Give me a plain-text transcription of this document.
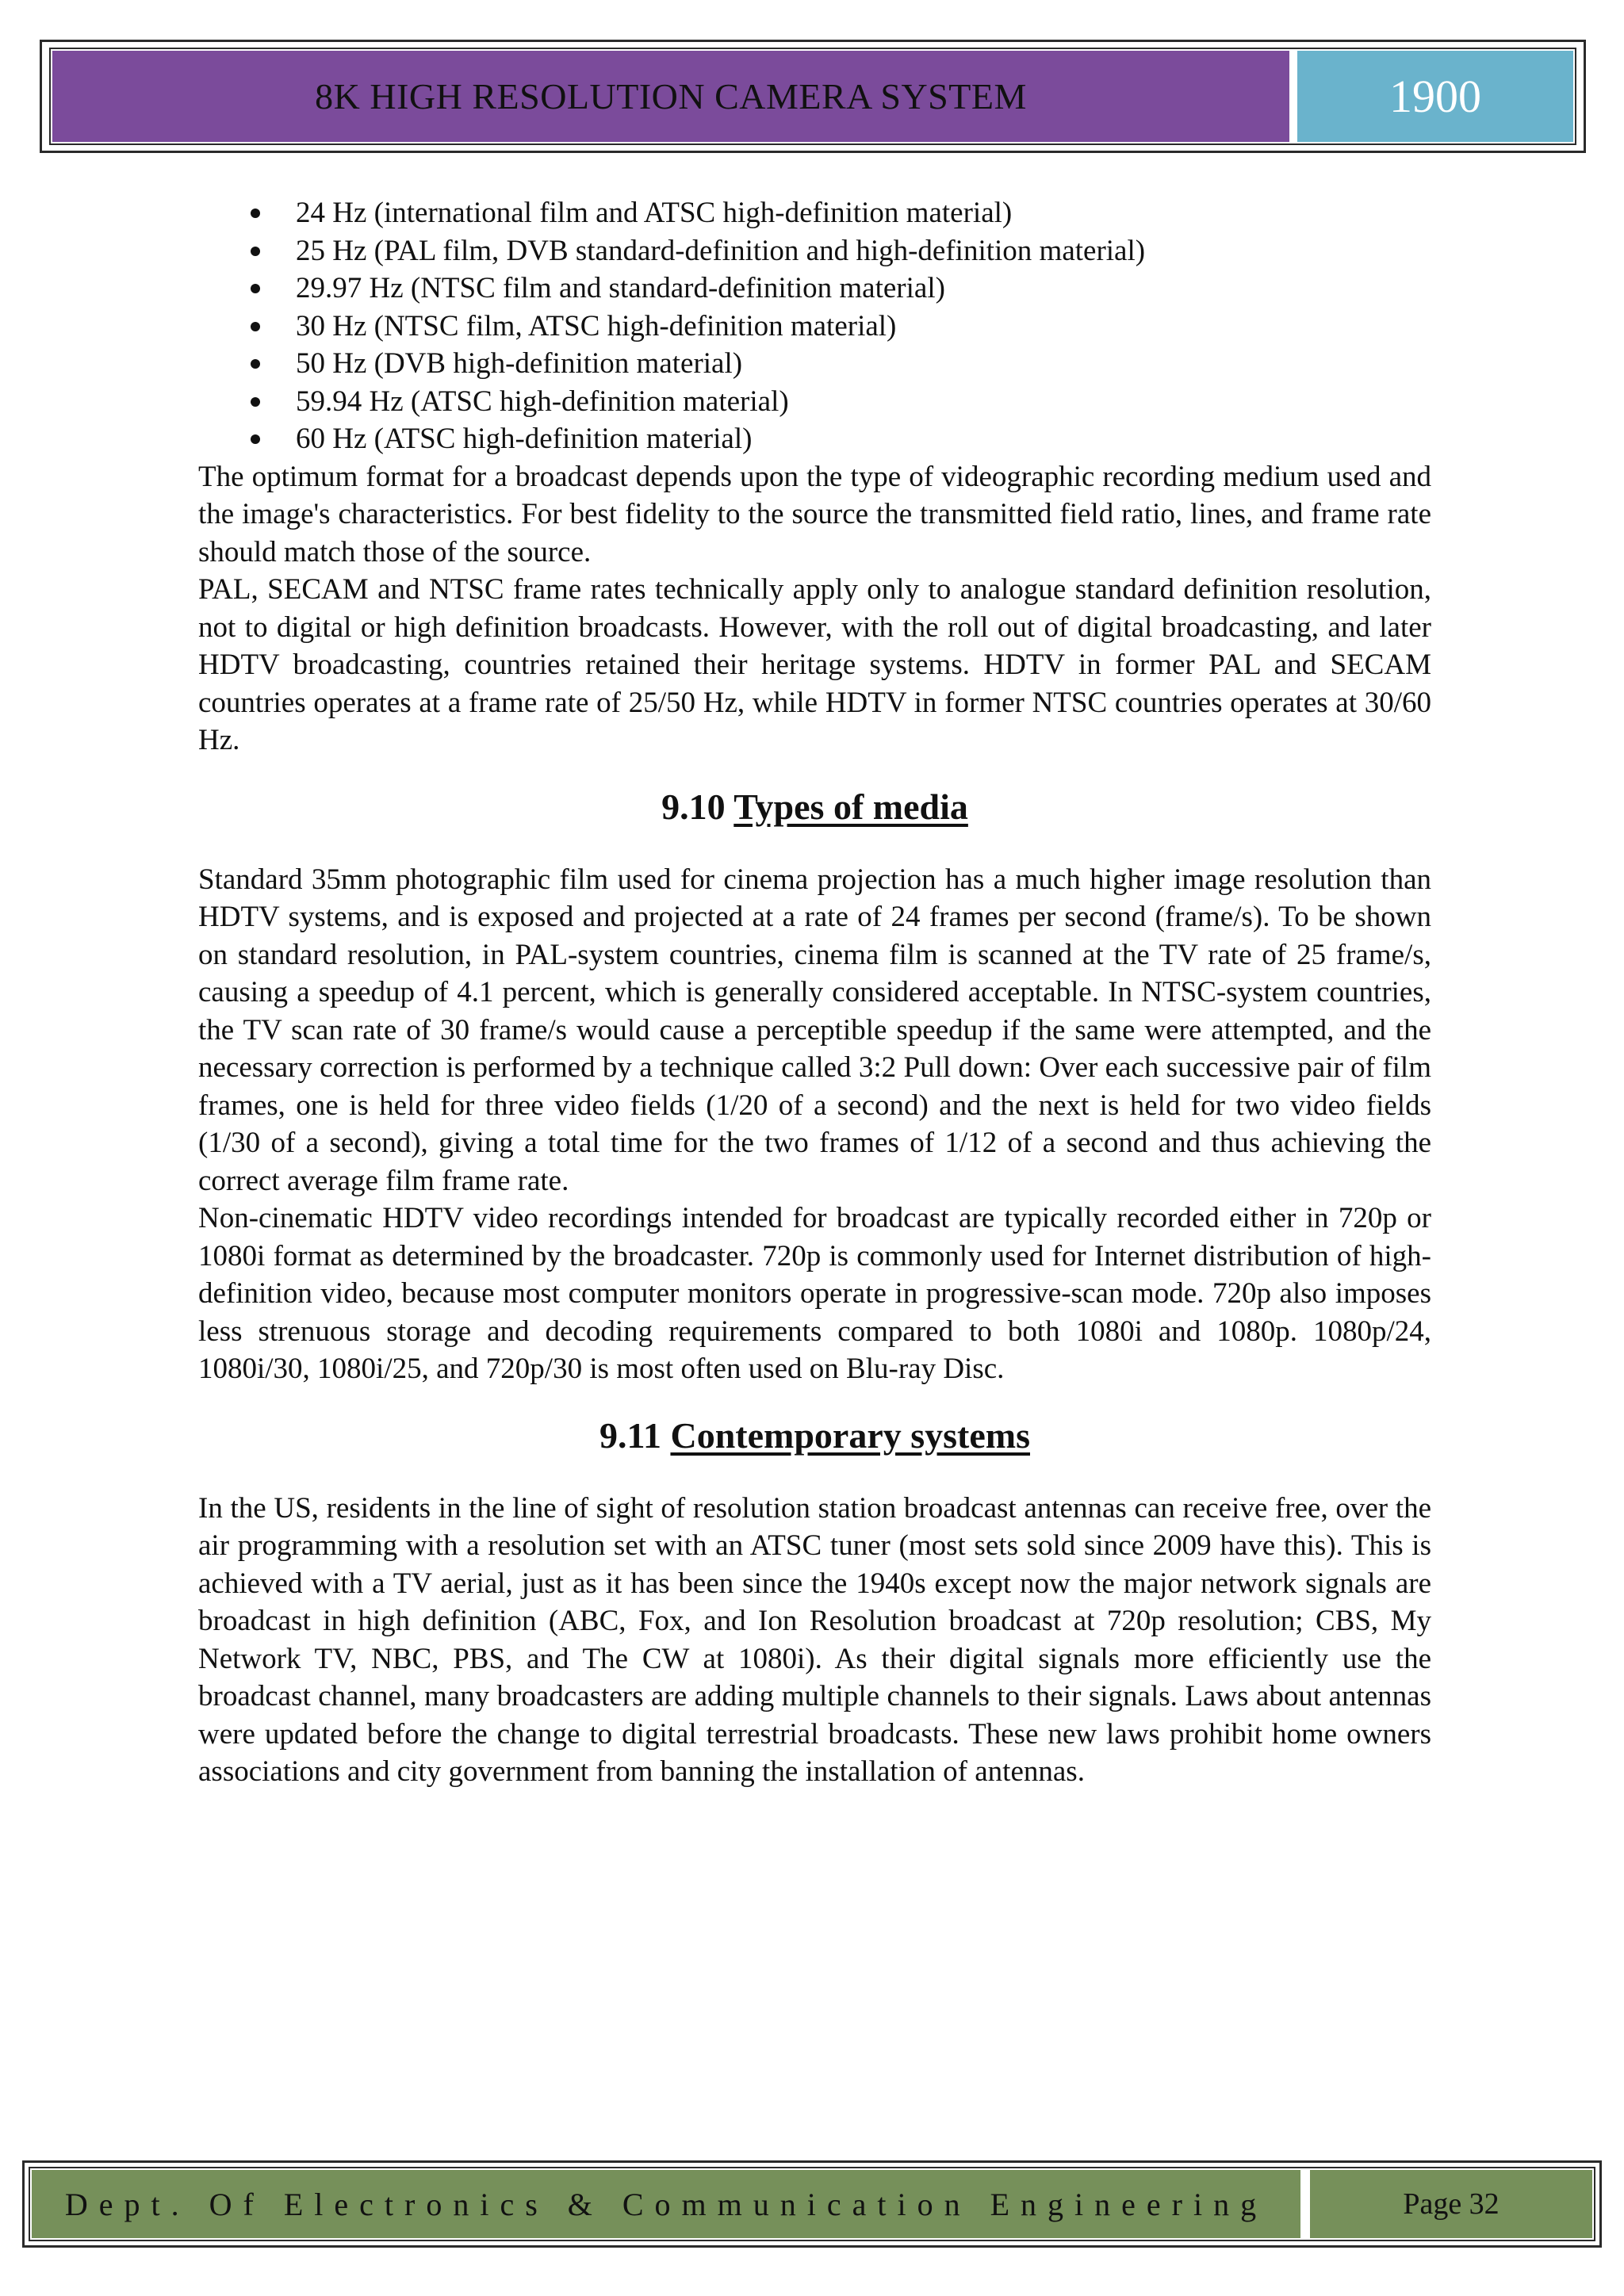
8K HIGH RESOLUTION CAMERA SYSTEM	1900
24 Hz (international film and ATSC high-definition material)
25 Hz (PAL film, DVB standard-definition and high-definition material)
29.97 Hz (NTSC film and standard-definition material)
30 Hz (NTSC film, ATSC high-definition material)
50 Hz (DVB high-definition material)
59.94 Hz (ATSC high-definition material)
60 Hz (ATSC high-definition material)

The optimum format for a broadcast depends upon the type of videographic recording medium used and the image's characteristics. For best fidelity to the source the transmitted field ratio, lines, and frame rate should match those of the source.

PAL, SECAM and NTSC frame rates technically apply only to analogue standard definition resolution, not to digital or high definition broadcasts. However, with the roll out of digital broadcasting, and later HDTV broadcasting, countries retained their heritage systems. HDTV in former PAL and SECAM countries operates at a frame rate of 25/50 Hz, while HDTV in former NTSC countries operates at 30/60 Hz.

9.10 Types of media

Standard 35mm photographic film used for cinema projection has a much higher image resolution than HDTV systems, and is exposed and projected at a rate of 24 frames per second (frame/s). To be shown on standard resolution, in PAL-system countries, cinema film is scanned at the TV rate of 25 frame/s, causing a speedup of 4.1 percent, which is generally considered acceptable. In NTSC-system countries, the TV scan rate of 30 frame/s would cause a perceptible speedup if the same were attempted, and the necessary correction is performed by a technique called 3:2 Pull down: Over each successive pair of film frames, one is held for three video fields (1/20 of a second) and the next is held for two video fields (1/30 of a second), giving a total time for the two frames of 1/12 of a second and thus achieving the correct average film frame rate.

Non-cinematic HDTV video recordings intended for broadcast are typically recorded either in 720p or 1080i format as determined by the broadcaster. 720p is commonly used for Internet distribution of high-definition video, because most computer monitors operate in progressive-scan mode. 720p also imposes less strenuous storage and decoding requirements compared to both 1080i and 1080p. 1080p/24, 1080i/30, 1080i/25, and 720p/30 is most often used on Blu-ray Disc.

9.11 Contemporary systems

In the US, residents in the line of sight of resolution station broadcast antennas can receive free, over the air programming with a resolution set with an ATSC tuner (most sets sold since 2009 have this). This is achieved with a TV aerial, just as it has been since the 1940s except now the major network signals are broadcast in high definition (ABC, Fox, and Ion Resolution broadcast at 720p resolution; CBS, My Network TV, NBC, PBS, and The CW at 1080i). As their digital signals more efficiently use the broadcast channel, many broadcasters are adding multiple channels to their signals. Laws about antennas were updated before the change to digital terrestrial broadcasts. These new laws prohibit home owners associations and city government from banning the installation of antennas.

Dept. Of Electronics & Communication Engineering	Page 32
